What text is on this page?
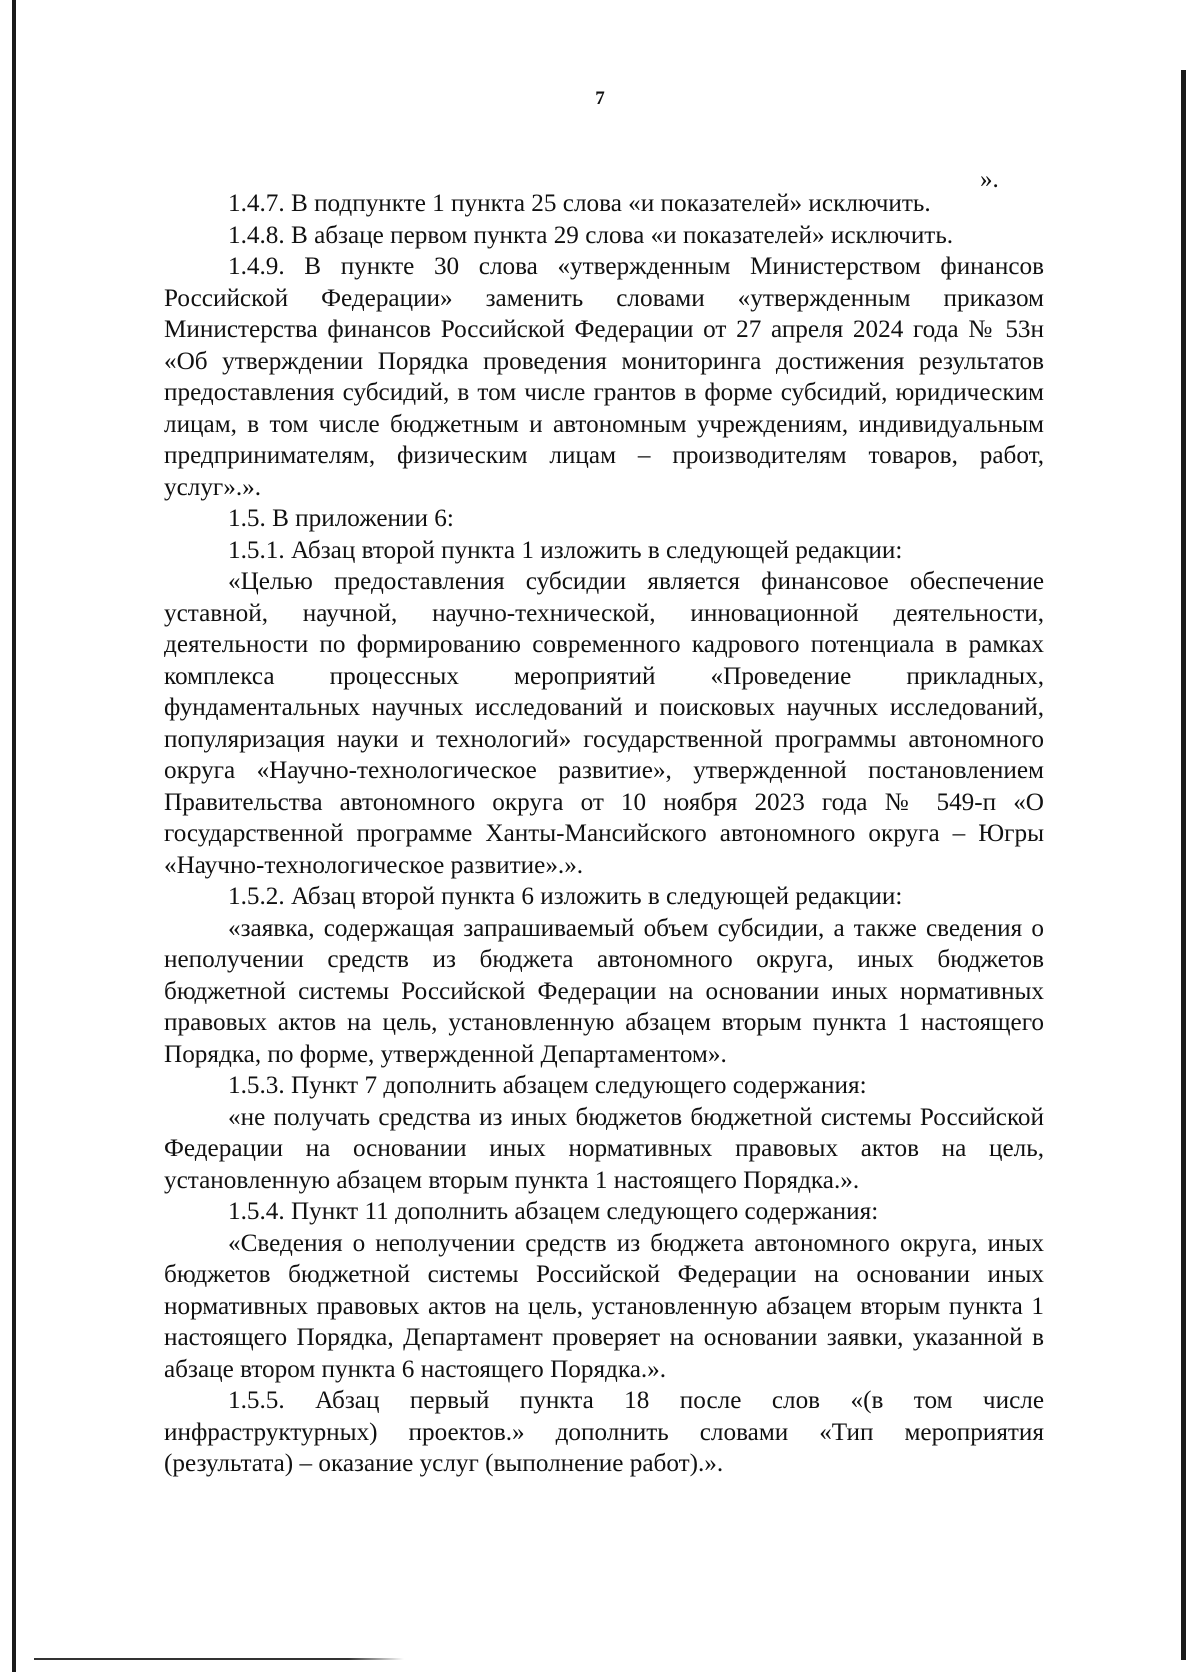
7
».

1.4.7. В подпункте 1 пункта 25 слова «и показателей» исключить.

1.4.8. В абзаце первом пункта 29 слова «и показателей» исключить.

1.4.9. В пункте 30 слова «утвержденным Министерством финансов Российской Федерации» заменить словами «утвержденным приказом Министерства финансов Российской Федерации от 27 апреля 2024 года № 53н «Об утверждении Порядка проведения мониторинга достижения результатов предоставления субсидий, в том числе грантов в форме субсидий, юридическим лицам, в том числе бюджетным и автономным учреждениям, индивидуальным предпринимателям, физическим лицам – производителям товаров, работ, услуг».».

1.5. В приложении 6:

1.5.1. Абзац второй пункта 1 изложить в следующей редакции:

«Целью предоставления субсидии является финансовое обеспечение уставной, научной, научно-технической, инновационной деятельности, деятельности по формированию современного кадрового потенциала в рамках комплекса процессных мероприятий «Проведение прикладных, фундаментальных научных исследований и поисковых научных исследований, популяризация науки и технологий» государственной программы автономного округа «Научно-технологическое развитие», утвержденной постановлением Правительства автономного округа от 10 ноября 2023 года № 549-п «О государственной программе Ханты-Мансийского автономного округа – Югры «Научно-технологическое развитие».».

1.5.2. Абзац второй пункта 6 изложить в следующей редакции:

«заявка, содержащая запрашиваемый объем субсидии, а также сведения о неполучении средств из бюджета автономного округа, иных бюджетов бюджетной системы Российской Федерации на основании иных нормативных правовых актов на цель, установленную абзацем вторым пункта 1 настоящего Порядка, по форме, утвержденной Департаментом».

1.5.3. Пункт 7 дополнить абзацем следующего содержания:

«не получать средства из иных бюджетов бюджетной системы Российской Федерации на основании иных нормативных правовых актов на цель, установленную абзацем вторым пункта 1 настоящего Порядка.».

1.5.4. Пункт 11 дополнить абзацем следующего содержания:

«Сведения о неполучении средств из бюджета автономного округа, иных бюджетов бюджетной системы Российской Федерации на основании иных нормативных правовых актов на цель, установленную абзацем вторым пункта 1 настоящего Порядка, Департамент проверяет на основании заявки, указанной в абзаце втором пункта 6 настоящего Порядка.».

1.5.5. Абзац первый пункта 18 после слов «(в том числе инфраструктурных) проектов.» дополнить словами «Тип мероприятия (результата) – оказание услуг (выполнение работ).».
